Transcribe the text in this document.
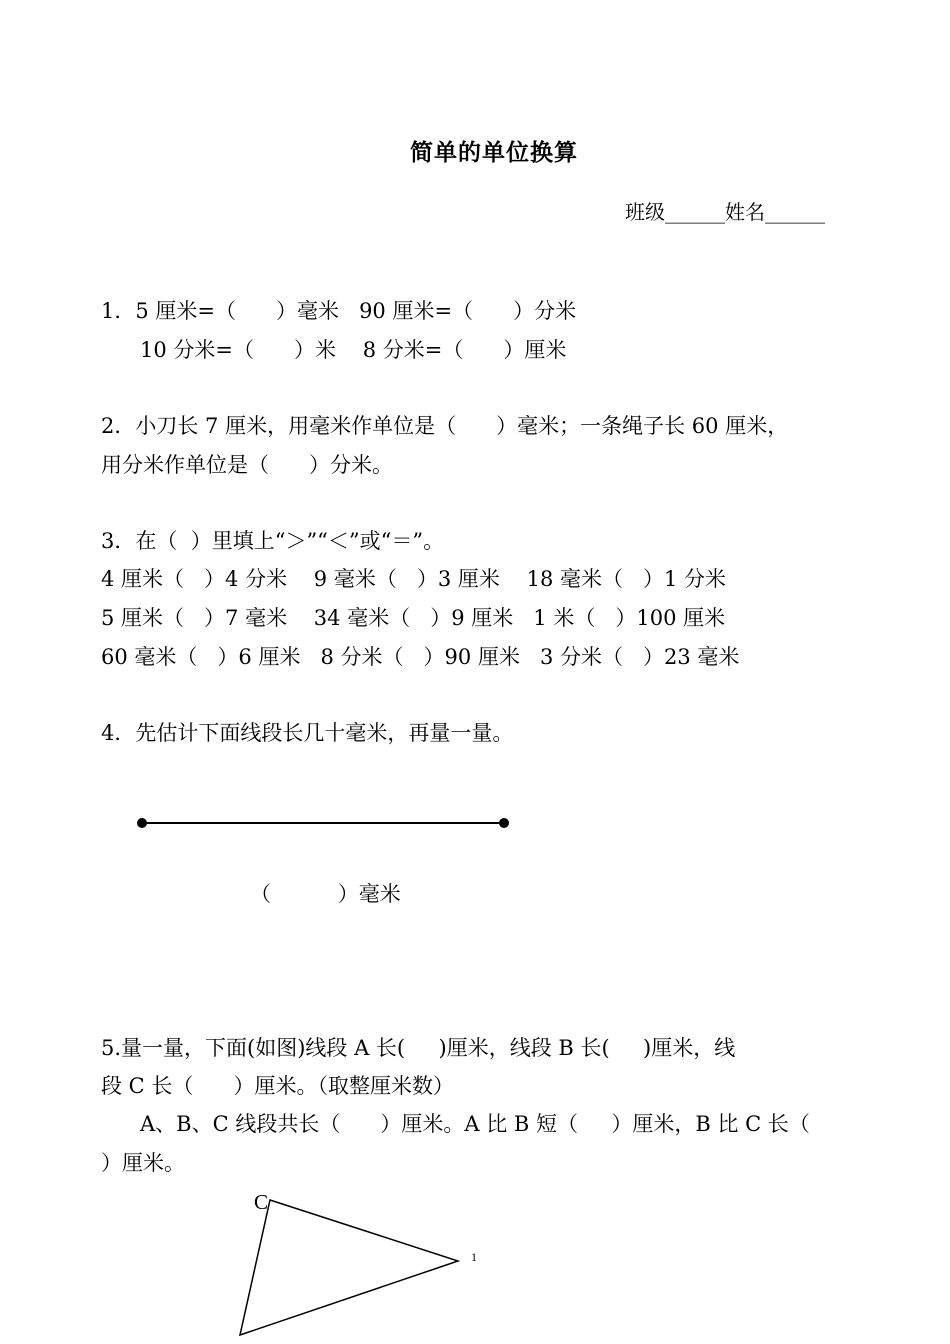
简单的单位换算
班级______姓名______
1．5 厘米=（      ）毫米   90 厘米=（      ）分米
10 分米=（      ）米    8 分米=（      ）厘米
2．小刀长 7 厘米，用毫米作单位是（      ）毫米；一条绳子长 60 厘米，
用分米作单位是（      ）分米。
3．在（  ）里填上“＞”“＜”或“＝”。
4 厘米（   ）4 分米    9 毫米（   ）3 厘米    18 毫米（   ）1 分米
5 厘米（   ）7 毫米    34 毫米（   ）9 厘米   1 米（   ）100 厘米
60 毫米（   ）6 厘米   8 分米（   ）90 厘米   3 分米（   ）23 毫米
4．先估计下面线段长几十毫米，再量一量。
（          ）毫米
5.量一量，下面(如图)线段 A 长(     )厘米，线段 B 长(     )厘米，线
段 C 长（      ）厘米。（取整厘米数）
A、B、C 线段共长（      ）厘米。A 比 B 短（     ）厘米，B 比 C 长（
）厘米。
C
1
